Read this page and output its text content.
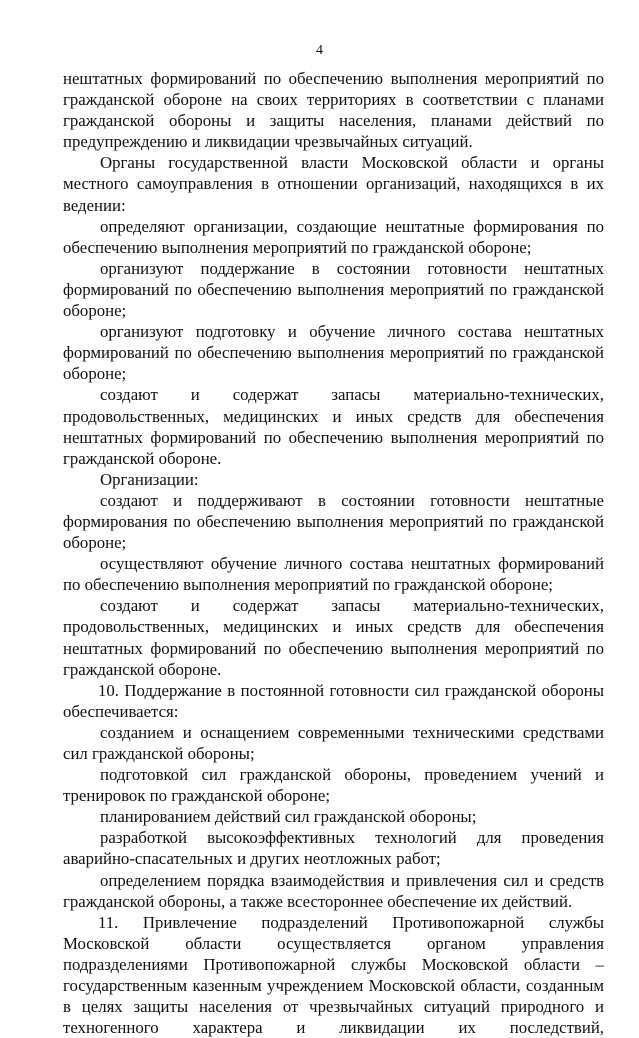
4

нештатных формирований по обеспечению выполнения мероприятий по гражданской обороне на своих территориях в соответствии с планами гражданской обороны и защиты населения, планами действий по предупреждению и ликвидации чрезвычайных ситуаций.

Органы государственной власти Московской области и органы местного самоуправления в отношении организаций, находящихся в их ведении:

определяют организации, создающие нештатные формирования по обеспечению выполнения мероприятий по гражданской обороне;

организуют поддержание в состоянии готовности нештатных формирований по обеспечению выполнения мероприятий по гражданской обороне;

организуют подготовку и обучение личного состава нештатных формирований по обеспечению выполнения мероприятий по гражданской обороне;

создают и содержат запасы материально-технических, продовольственных, медицинских и иных средств для обеспечения нештатных формирований по обеспечению выполнения мероприятий по гражданской обороне.

Организации:

создают и поддерживают в состоянии готовности нештатные формирования по обеспечению выполнения мероприятий по гражданской обороне;

осуществляют обучение личного состава нештатных формирований по обеспечению выполнения мероприятий по гражданской обороне;

создают и содержат запасы материально-технических, продовольственных, медицинских и иных средств для обеспечения нештатных формирований по обеспечению выполнения мероприятий по гражданской обороне.

10. Поддержание в постоянной готовности сил гражданской обороны обеспечивается:

созданием и оснащением современными техническими средствами сил гражданской обороны;

подготовкой сил гражданской обороны, проведением учений и тренировок по гражданской обороне;

планированием действий сил гражданской обороны;

разработкой высокоэффективных технологий для проведения аварийно-спасательных и других неотложных работ;

определением порядка взаимодействия и привлечения сил и средств гражданской обороны, а также всестороннее обеспечение их действий.

11. Привлечение подразделений Противопожарной службы Московской области осуществляется органом управления подразделениями Противопожарной службы Московской области – государственным казенным учреждением Московской области, созданным в целях защиты населения от чрезвычайных ситуаций природного и техногенного характера и ликвидации их последствий,
